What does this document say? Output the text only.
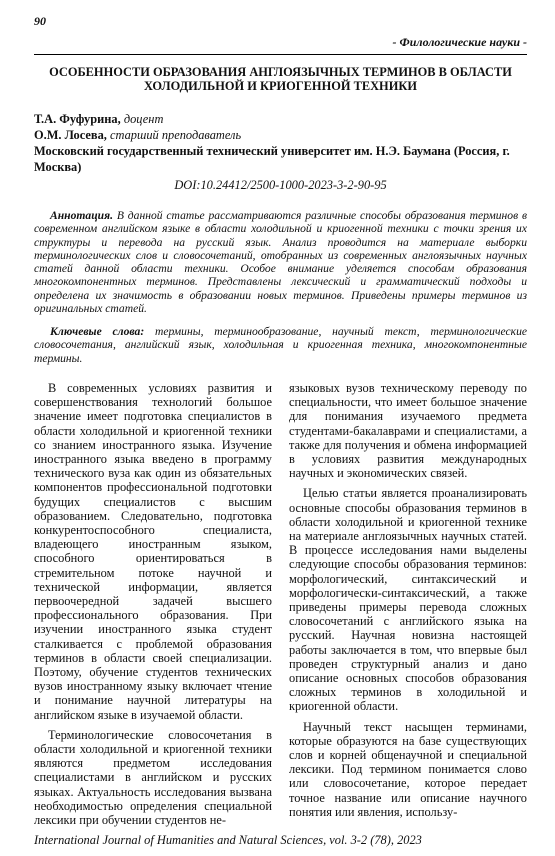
90
- Филологические науки -
ОСОБЕННОСТИ ОБРАЗОВАНИЯ АНГЛОЯЗЫЧНЫХ ТЕРМИНОВ В ОБЛАСТИ ХОЛОДИЛЬНОЙ И КРИОГЕННОЙ ТЕХНИКИ
Т.А. Фуфурина, доцент
О.М. Лосева, старший преподаватель
Московский государственный технический университет им. Н.Э. Баумана (Россия, г. Москва)
DOI:10.24412/2500-1000-2023-3-2-90-95
Аннотация. В данной статье рассматриваются различные способы образования терминов в современном английском языке в области холодильной и криогенной техники с точки зрения их структуры и перевода на русский язык. Анализ проводится на материале выборки терминологических слов и словосочетаний, отобранных из современных англоязычных научных статей данной области техники. Особое внимание уделяется способам образования многокомпонентных терминов. Представлены лексический и грамматический подходы и определена их значимость в образовании новых терминов. Приведены примеры терминов из оригинальных статей.
Ключевые слова: термины, терминообразование, научный текст, терминологические словосочетания, английский язык, холодильная и криогенная техника, многокомпонентные термины.

В современных условиях развития и совершенствования технологий большое значение имеет подготовка специалистов в области холодильной и криогенной техники со знанием иностранного языка. Изучение иностранного языка введено в программу технического вуза как один из обязательных компонентов профессиональной подготовки будущих специалистов с высшим образованием. Следовательно, подготовка конкурентоспособного специалиста, владеющего иностранным языком, способного ориентироваться в стремительном потоке научной и технической информации, является первоочередной задачей высшего профессионального образования. При изучении иностранного языка студент сталкивается с проблемой образования терминов в области своей специализации. Поэтому, обучение студентов технических вузов иностранному языку включает чтение и понимание научной литературы на английском языке в изучаемой области.

Терминологические словосочетания в области холодильной и криогенной техники являются предметом исследования специалистами в английском и русских языках. Актуальность исследования вызвана необходимостью определения специальной лексики при обучении студентов не-

языковых вузов техническому переводу по специальности, что имеет большое значение для понимания изучаемого предмета студентами-бакалаврами и специалистами, а также для получения и обмена информацией в условиях развития международных научных и экономических связей.

Целью статьи является проанализировать основные способы образования терминов в области холодильной и криогенной технике на материале англоязычных научных статей. В процессе исследования нами выделены следующие способы образования терминов: морфологический, синтаксический и морфологически-синтаксический, а также приведены примеры перевода сложных словосочетаний с английского языка на русский. Научная новизна настоящей работы заключается в том, что впервые был проведен структурный анализ и дано описание основных способов образования сложных терминов в холодильной и криогенной области.

Научный текст насыщен терминами, которые образуются на базе существующих слов и корней общенаучной и специальной лексики. Под термином понимается слово или словосочетание, которое передает точное название или описание научного понятия или явления, использу-

International Journal of Humanities and Natural Sciences, vol. 3-2 (78), 2023
